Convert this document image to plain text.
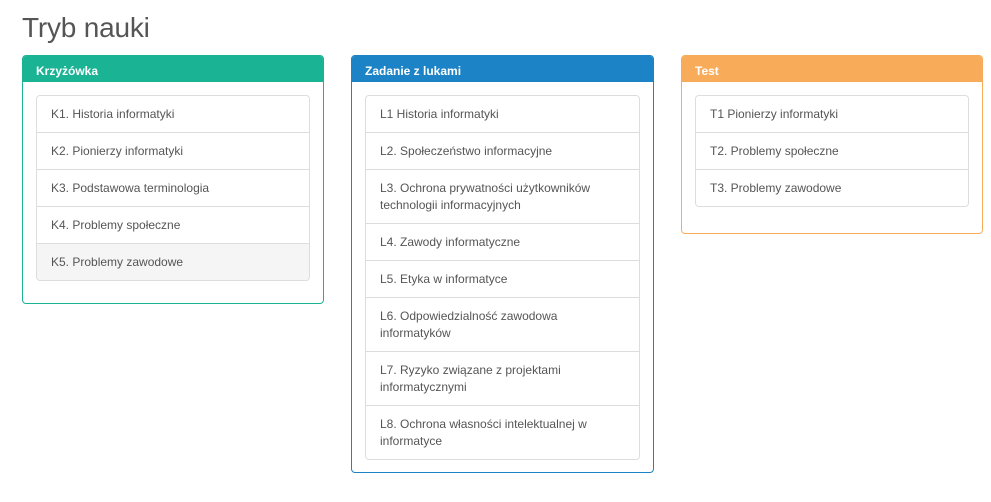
Tryb nauki
Krzyżówka
K1. Historia informatyki
K2. Pionierzy informatyki
K3. Podstawowa terminologia
K4. Problemy społeczne
K5. Problemy zawodowe
Zadanie z lukami
L1 Historia informatyki
L2. Społeczeństwo informacyjne
L3. Ochrona prywatności użytkowników technologii informacyjnych
L4. Zawody informatyczne
L5. Etyka w informatyce
L6. Odpowiedzialność zawodowa informatyków
L7. Ryzyko związane z projektami informatycznymi
L8. Ochrona własności intelektualnej w informatyce
Test
T1 Pionierzy informatyki
T2. Problemy społeczne
T3. Problemy zawodowe
